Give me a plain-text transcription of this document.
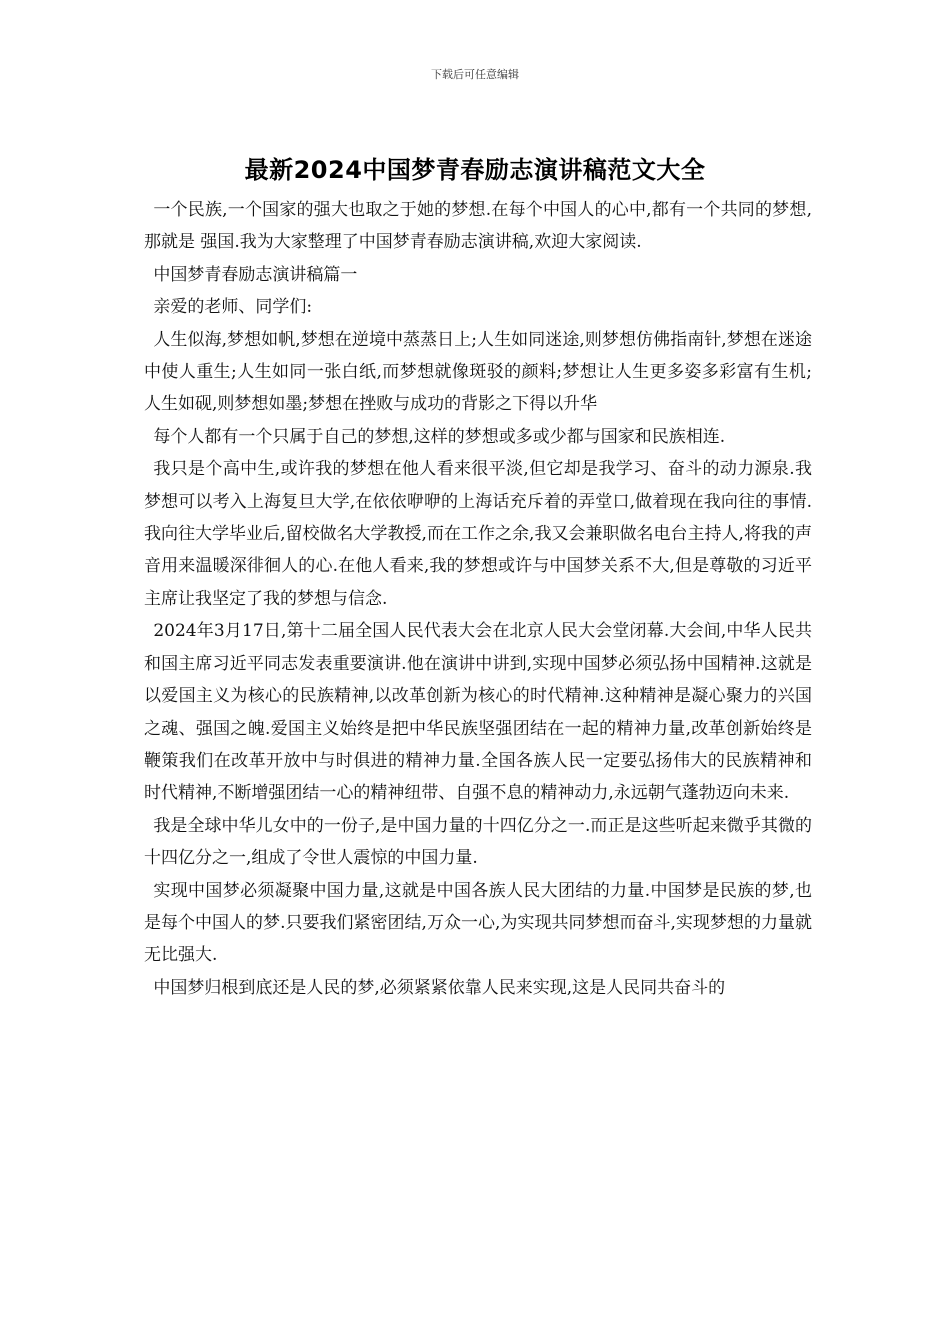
下载后可任意编辑
最新2024中国梦青春励志演讲稿范文大全

一个民族,一个国家的强大也取之于她的梦想.在每个中国人的心中,都有一个共同的梦想,那就是 强国.我为大家整理了中国梦青春励志演讲稿,欢迎大家阅读.

中国梦青春励志演讲稿篇一

亲爱的老师、同学们:

人生似海,梦想如帆,梦想在逆境中蒸蒸日上;人生如同迷途,则梦想仿佛指南针,梦想在迷途中使人重生;人生如同一张白纸,而梦想就像斑驳的颜料;梦想让人生更多姿多彩富有生机;人生如砚,则梦想如墨;梦想在挫败与成功的背影之下得以升华

每个人都有一个只属于自己的梦想,这样的梦想或多或少都与国家和民族相连.

我只是个高中生,或许我的梦想在他人看来很平淡,但它却是我学习、奋斗的动力源泉.我梦想可以考入上海复旦大学,在依依咿咿的上海话充斥着的弄堂口,做着现在我向往的事情.我向往大学毕业后,留校做名大学教授,而在工作之余,我又会兼职做名电台主持人,将我的声音用来温暖深徘徊人的心.在他人看来,我的梦想或许与中国梦关系不大,但是尊敬的习近平主席让我坚定了我的梦想与信念.

2024年3月17日,第十二届全国人民代表大会在北京人民大会堂闭幕.大会间,中华人民共和国主席习近平同志发表重要演讲.他在演讲中讲到,实现中国梦必须弘扬中国精神.这就是以爱国主义为核心的民族精神,以改革创新为核心的时代精神.这种精神是凝心聚力的兴国之魂、强国之魄.爱国主义始终是把中华民族坚强团结在一起的精神力量,改革创新始终是鞭策我们在改革开放中与时俱进的精神力量.全国各族人民一定要弘扬伟大的民族精神和时代精神,不断增强团结一心的精神纽带、自强不息的精神动力,永远朝气蓬勃迈向未来.

我是全球中华儿女中的一份子,是中国力量的十四亿分之一.而正是这些听起来微乎其微的十四亿分之一,组成了令世人震惊的中国力量.

实现中国梦必须凝聚中国力量,这就是中国各族人民大团结的力量.中国梦是民族的梦,也是每个中国人的梦.只要我们紧密团结,万众一心,为实现共同梦想而奋斗,实现梦想的力量就无比强大.

中国梦归根到底还是人民的梦,必须紧紧依靠人民来实现,这是人民同共奋斗的
